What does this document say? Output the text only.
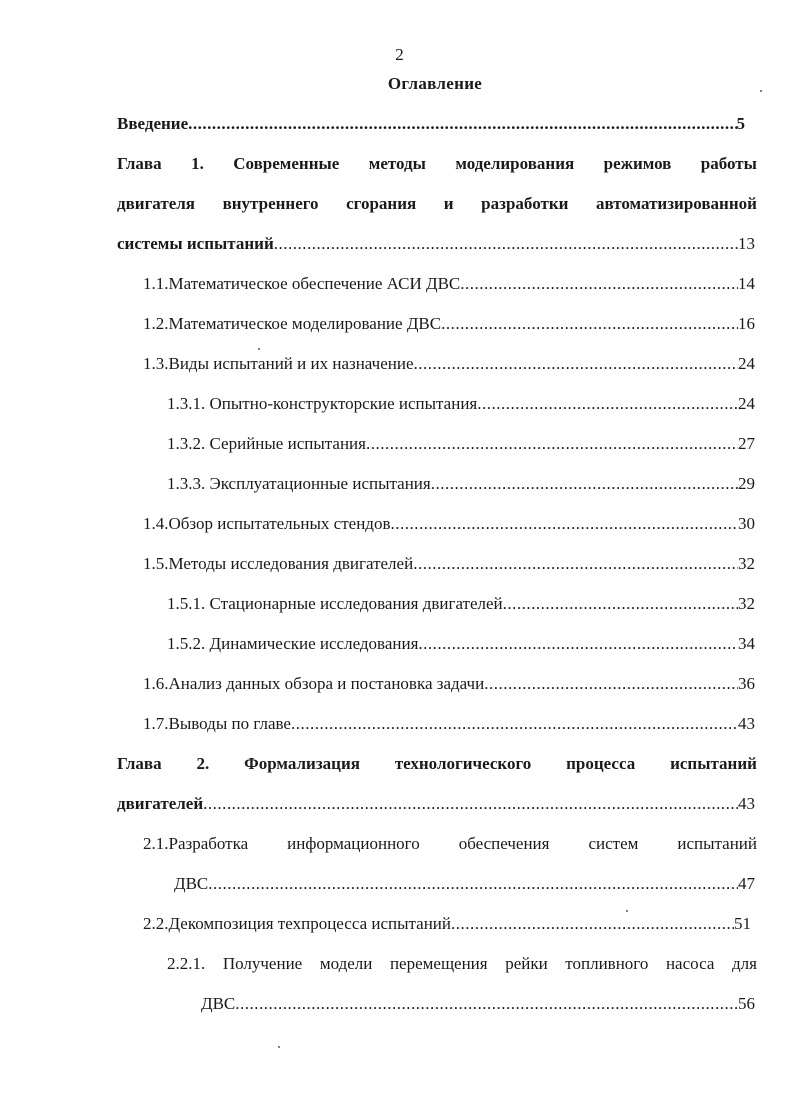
2
Оглавление
Введение .....	5
Глава 1. Современные методы моделирования режимов работы
двигателя внутреннего сгорания и разработки автоматизированной
системы испытаний .....	13
1.1.Математическое обеспечение АСИ ДВС .....	14
1.2.Математическое моделирование ДВС .....	16
1.3.Виды испытаний и их назначение .....	24
1.3.1. Опытно-конструкторские испытания .....	24
1.3.2. Серийные испытания .....	27
1.3.3. Эксплуатационные испытания .....	29
1.4.Обзор испытательных стендов .....	30
1.5.Методы исследования двигателей .....	32
1.5.1. Стационарные исследования двигателей .....	32
1.5.2. Динамические исследования .....	34
1.6.Анализ данных обзора и постановка задачи .....	36
1.7.Выводы по главе .....	43
Глава 2. Формализация технологического процесса испытаний
двигателей .....	43
2.1.Разработка информационного обеспечения систем испытаний
ДВС .....	47
2.2.Декомпозиция техпроцесса испытаний .....	51
2.2.1. Получение модели перемещения рейки топливного насоса для
ДВС .....	56
